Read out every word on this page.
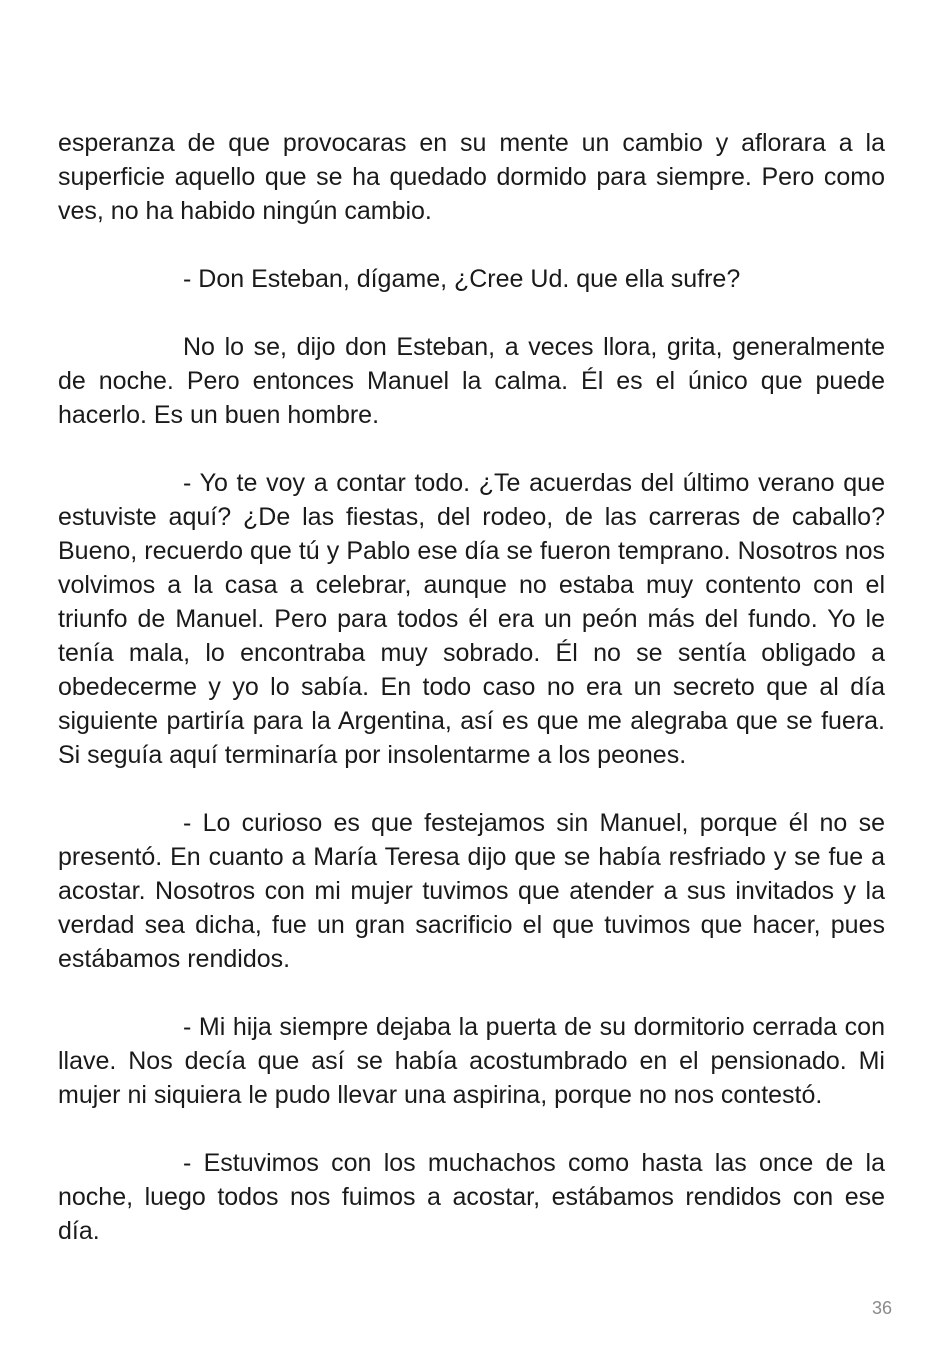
esperanza de que provocaras en su mente un cambio y aflorara a la superficie aquello que se ha quedado dormido para siempre. Pero como ves, no ha habido ningún cambio.

- Don Esteban, dígame, ¿Cree Ud. que ella sufre?

No lo se, dijo don Esteban, a veces llora, grita, generalmente de noche. Pero entonces Manuel la calma. Él es el único que puede hacerlo. Es un buen hombre.

- Yo te voy a contar todo. ¿Te acuerdas del último verano que estuviste aquí? ¿De las fiestas, del rodeo, de las carreras de caballo? Bueno, recuerdo que tú y Pablo ese día se fueron temprano. Nosotros nos volvimos a la casa a celebrar, aunque no estaba muy contento con el triunfo de Manuel. Pero para todos él era un peón más del fundo. Yo le tenía mala, lo encontraba muy sobrado. Él no se sentía obligado a obedecerme y yo lo sabía. En todo caso no era un secreto que al día siguiente partiría para la Argentina, así es que me alegraba que se fuera. Si seguía aquí terminaría por insolentarme a los peones.

- Lo curioso es que festejamos sin Manuel, porque él no se presentó. En cuanto a María Teresa dijo que se había resfriado y se fue a acostar. Nosotros con mi mujer tuvimos que atender a sus invitados y la verdad sea dicha, fue un gran sacrificio el que tuvimos que hacer, pues estábamos rendidos.

- Mi hija siempre dejaba la puerta de su dormitorio cerrada con llave. Nos decía que así se había acostumbrado en el pensionado. Mi mujer ni siquiera le pudo llevar una aspirina, porque no nos contestó.

- Estuvimos con los muchachos como hasta las once de la noche, luego todos nos fuimos a acostar, estábamos rendidos con ese día.

36
